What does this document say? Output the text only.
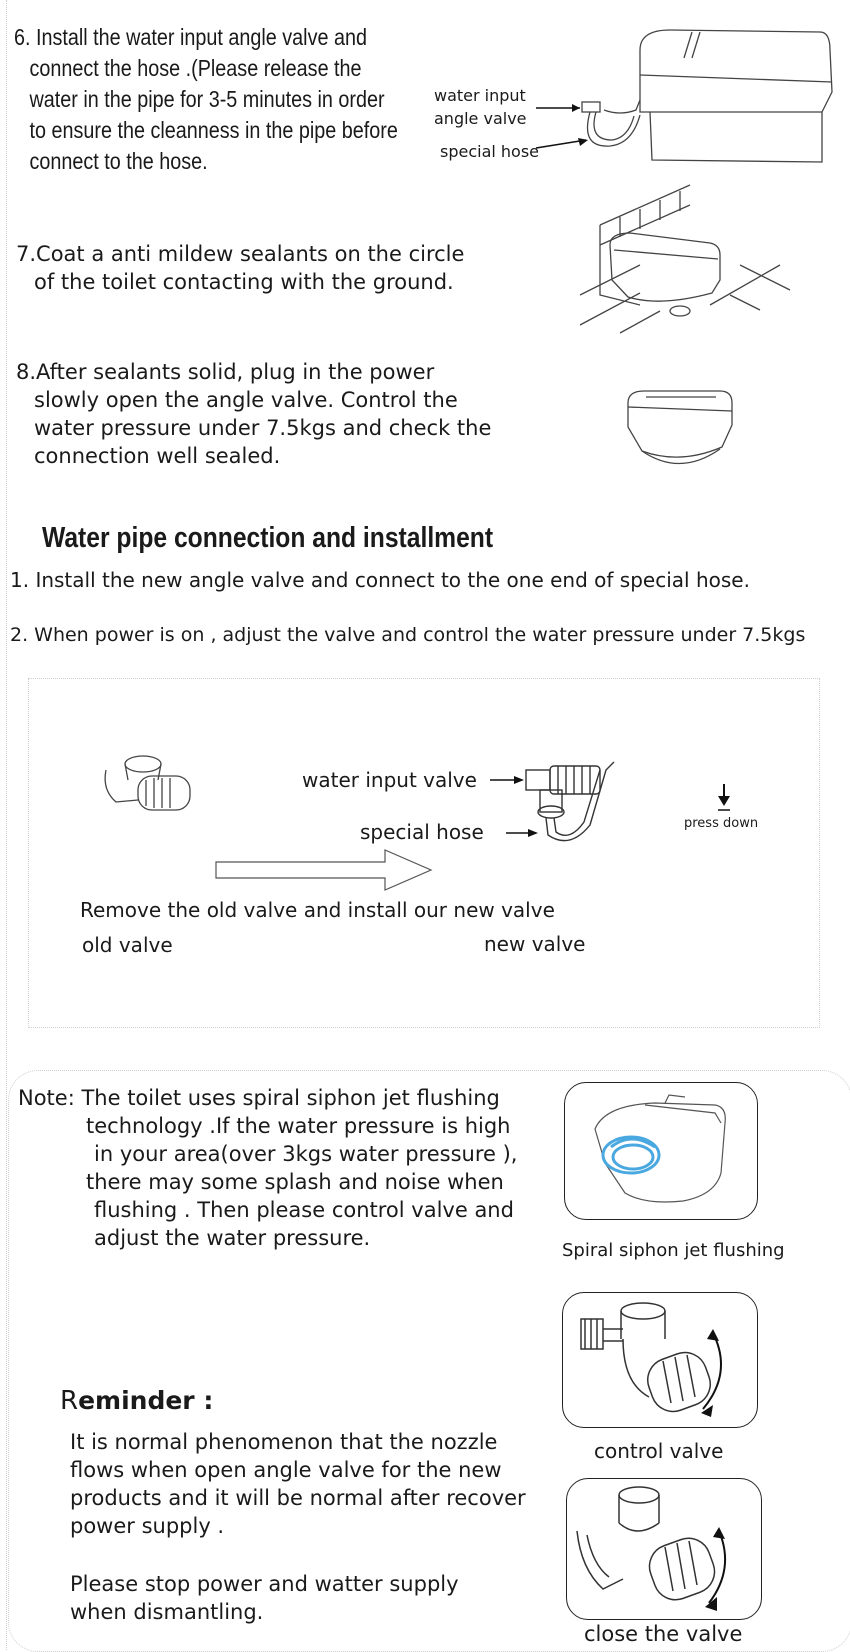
6. Install the water input angle valve and
connect the hose .(Please release the
water in the pipe for 3-5 minutes in order
to ensure the cleanness in the pipe before
connect to the hose.
water input
angle valve
special hose
7.Coat a anti mildew sealants on the circle
of the toilet contacting with the ground.
8.After sealants solid, plug in the power
slowly open the angle valve. Control the
water pressure under 7.5kgs and check the
connection well sealed.
Water pipe connection and installment
1. Install the new angle valve and connect to the one end of special hose.
2. When power is on , adjust the valve and control the water pressure under 7.5kgs
water input valve
special hose	press down
Remove the old valve and install our new valve
old valve	new valve
Note: The toilet uses spiral siphon jet flushing
technology .If the water pressure is high
in your area(over 3kgs water pressure ),
there may some splash and noise when
flushing . Then please control valve and
adjust the water pressure.
Spiral siphon jet flushing
control valve
close the valve
Reminder :
It is normal phenomenon that the nozzle
flows when open angle valve for the new
products and it will be normal after recover
power supply .
Please stop power and watter supply
when dismantling.
